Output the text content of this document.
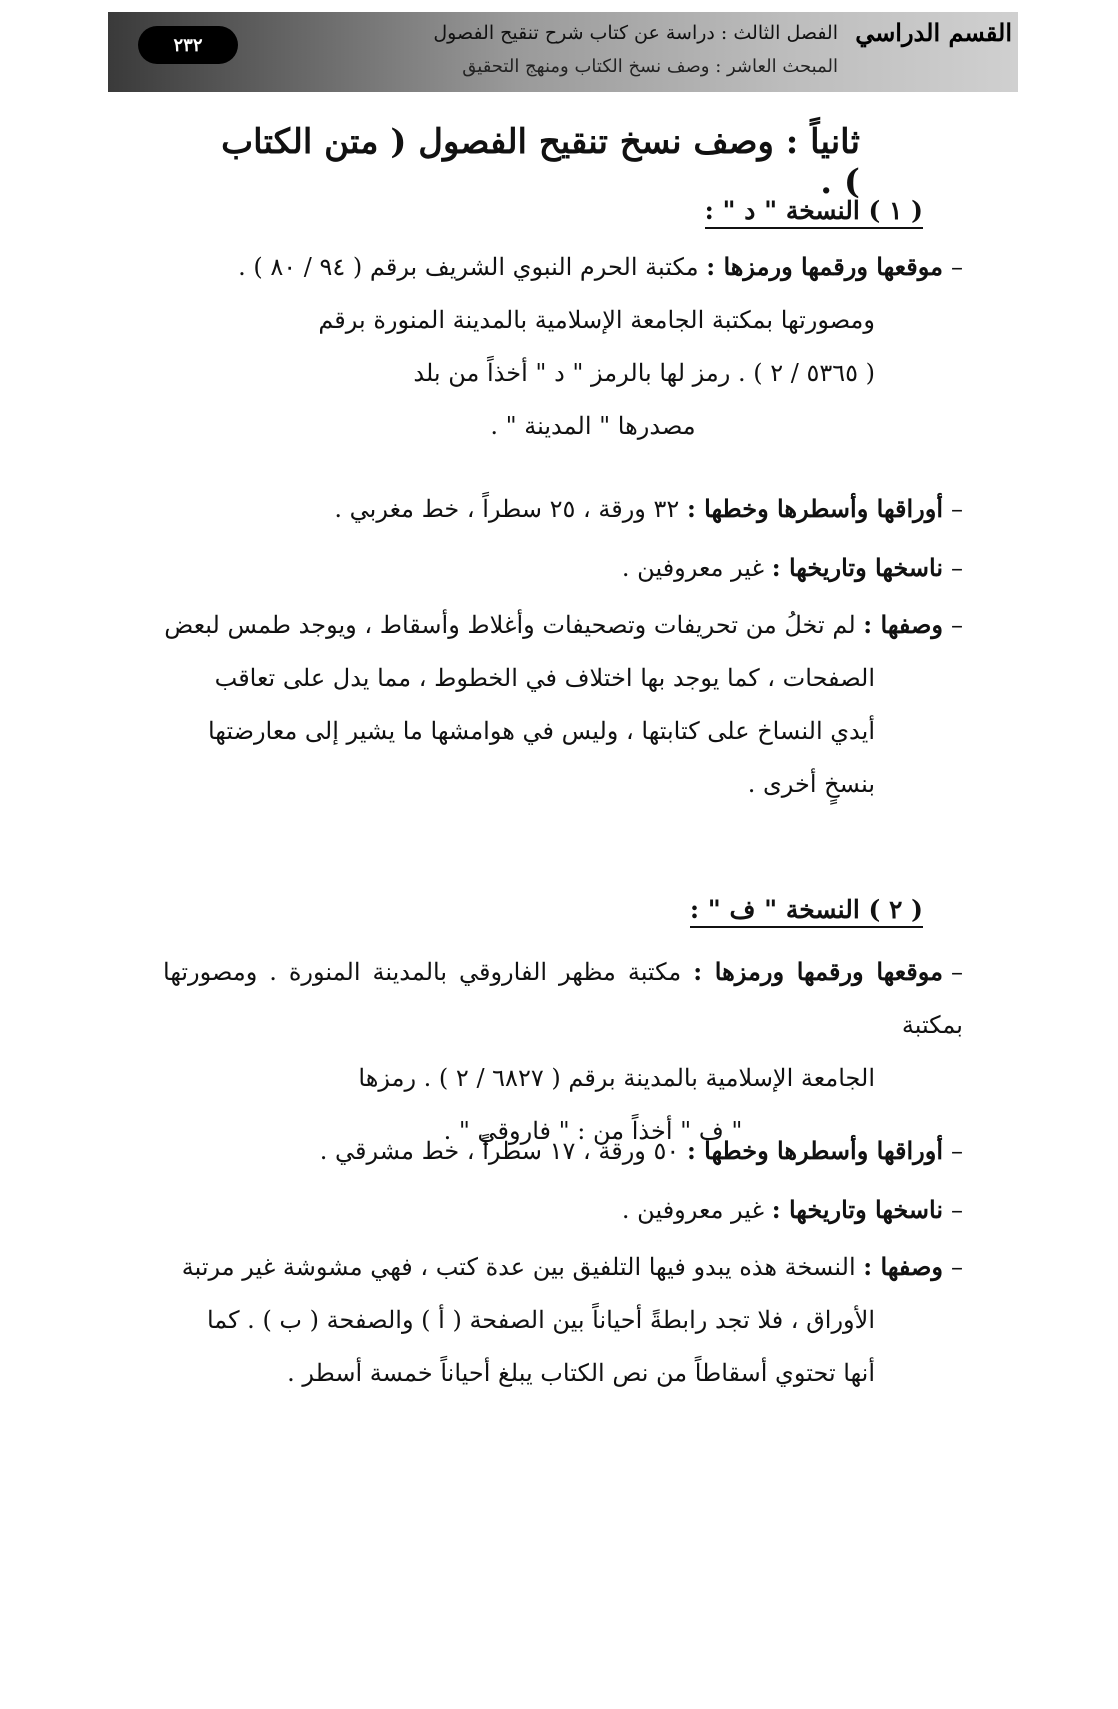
القسم الدراسي
الفصل الثالث : دراسة عن كتاب شرح تنقيح الفصول
المبحث العاشر : وصف نسخ الكتاب ومنهج التحقيق
٢٣٢
ثانياً : وصف نسخ تنقيح الفصول ( متن الكتاب ) .
( ١ ) النسخة " د " :

–موقعها ورقمها ورمزها : مكتبة الحرم النبوي الشريف برقم ( ٩٤ / ٨٠ ) .
ومصورتها بمكتبة الجامعة الإسلامية بالمدينة المنورة برقم
( ٥٣٦٥ / ٢ ) . رمز لها بالرمز " د " أخذاً من بلد
مصدرها " المدينة " .

–أوراقها وأسطرها وخطها : ٣٢ ورقة ، ٢٥ سطراً ، خط مغربي .

–ناسخها وتاريخها : غير معروفين .

–وصفها : لم تخلُ من تحريفات وتصحيفات وأغلاط وأسقاط ، ويوجد طمس لبعض
الصفحات ، كما يوجد بها اختلاف في الخطوط ، مما يدل على تعاقب
أيدي النساخ على كتابتها ، وليس في هوامشها ما يشير إلى معارضتها
بنسخٍ أخرى .

( ٢ ) النسخة " ف " :

–موقعها ورقمها ورمزها : مكتبة مظهر الفاروقي بالمدينة المنورة . ومصورتها بمكتبة
الجامعة الإسلامية بالمدينة برقم ( ٦٨٢٧ / ٢ ) . رمزها
" ف " أخذاً من : " فاروقي " .

–أوراقها وأسطرها وخطها : ٥٠ ورقة ، ١٧ سطراً ، خط مشرقي .

–ناسخها وتاريخها : غير معروفين .

–وصفها : النسخة هذه يبدو فيها التلفيق بين عدة كتب ، فهي مشوشة غير مرتبة
الأوراق ، فلا تجد رابطةً أحياناً بين الصفحة ( أ ) والصفحة ( ب ) . كما
أنها تحتوي أسقاطاً من نص الكتاب يبلغ أحياناً خمسة أسطر .
